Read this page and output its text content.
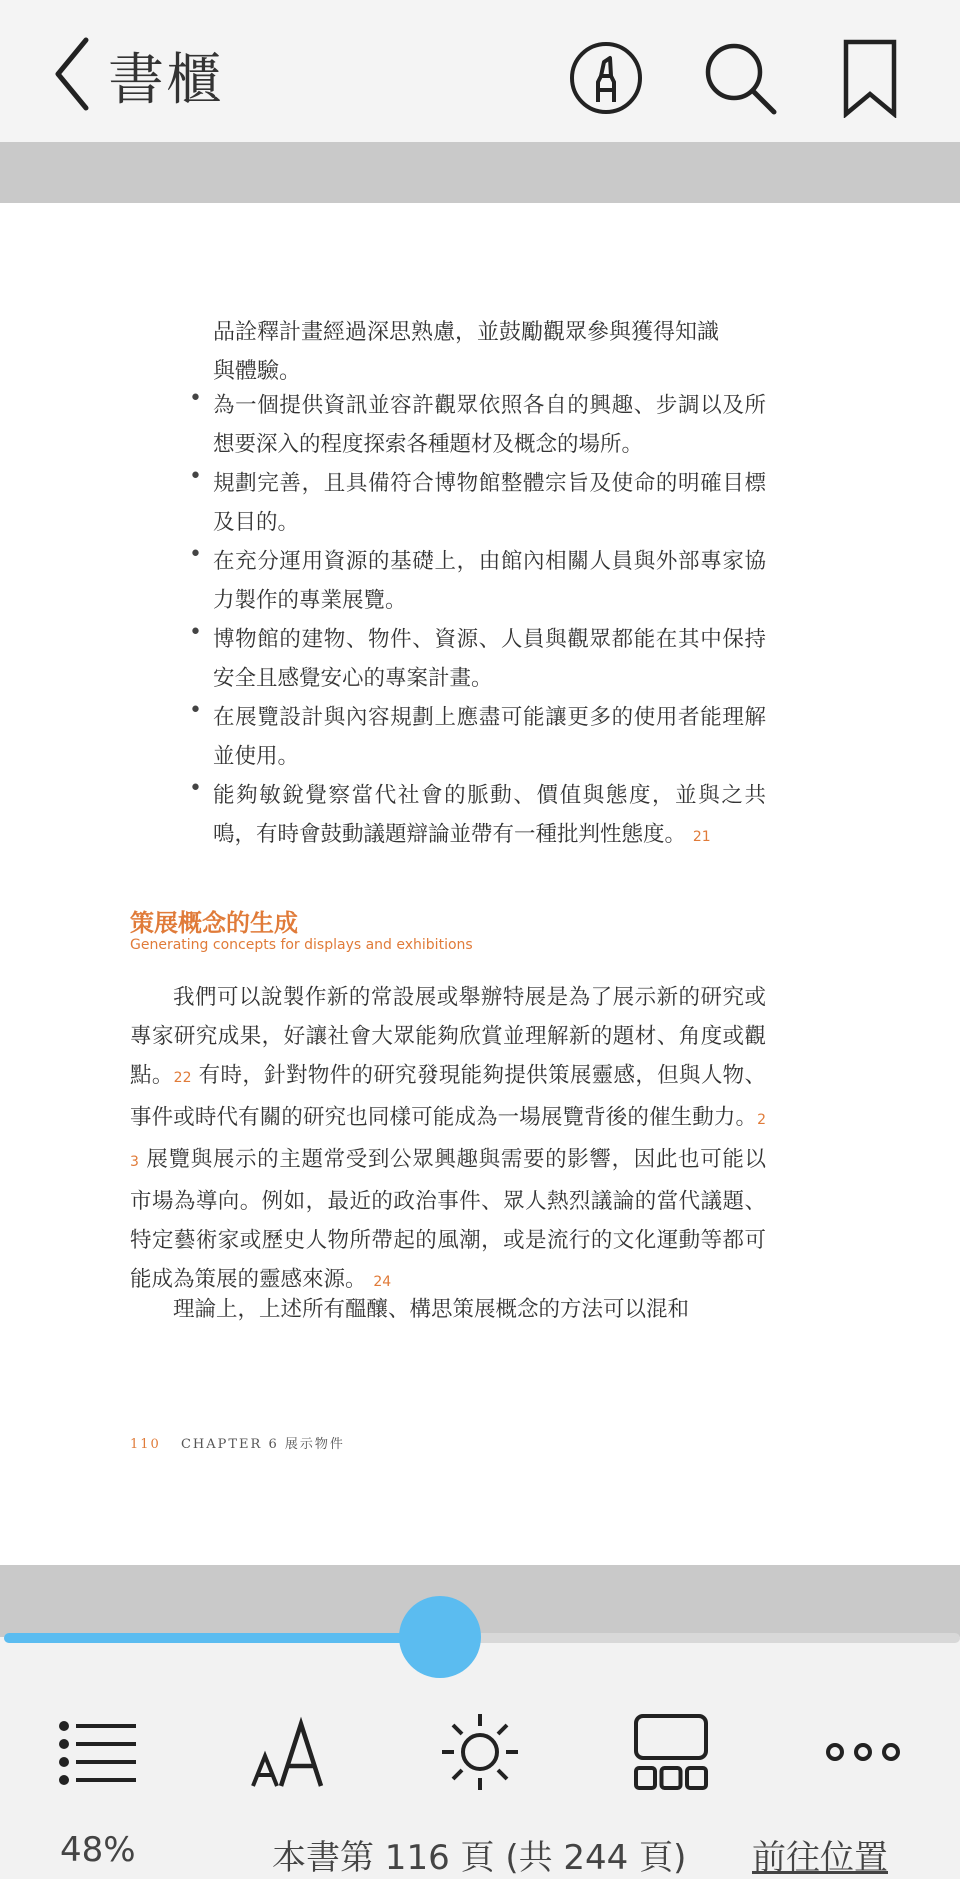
書櫃
品詮釋計畫經過深思熟慮，並鼓勵觀眾參與獲得知識
與體驗。
• 為一個提供資訊並容許觀眾依照各自的興趣、步調以及所想要深入的程度探索各種題材及概念的場所。

• 規劃完善，且具備符合博物館整體宗旨及使命的明確目標及目的。

• 在充分運用資源的基礎上，由館內相關人員與外部專家協力製作的專業展覽。

• 博物館的建物、物件、資源、人員與觀眾都能在其中保持安全且感覺安心的專案計畫。

• 在展覽設計與內容規劃上應盡可能讓更多的使用者能理解並使用。

• 能夠敏銳覺察當代社會的脈動、價值與態度，並與之共鳴，有時會鼓動議題辯論並帶有一種批判性態度。 21

策展概念的生成
Generating concepts for displays and exhibitions

我們可以說製作新的常設展或舉辦特展是為了展示新的研究或專家研究成果，好讓社會大眾能夠欣賞並理解新的題材、角度或觀點。22 有時，針對物件的研究發現能夠提供策展靈感，但與人物、事件或時代有關的研究也同樣可能成為一場展覽背後的催生動力。23 展覽與展示的主題常受到公眾興趣與需要的影響，因此也可能以市場為導向。例如，最近的政治事件、眾人熱烈議論的當代議題、特定藝術家或歷史人物所帶起的風潮，或是流行的文化運動等都可能成為策展的靈感來源。 24

理論上，上述所有醞釀、構思策展概念的方法可以混和

110 CHAPTER 6 展示物件
48%	本書第 116 頁 (共 244 頁) 前往位置
